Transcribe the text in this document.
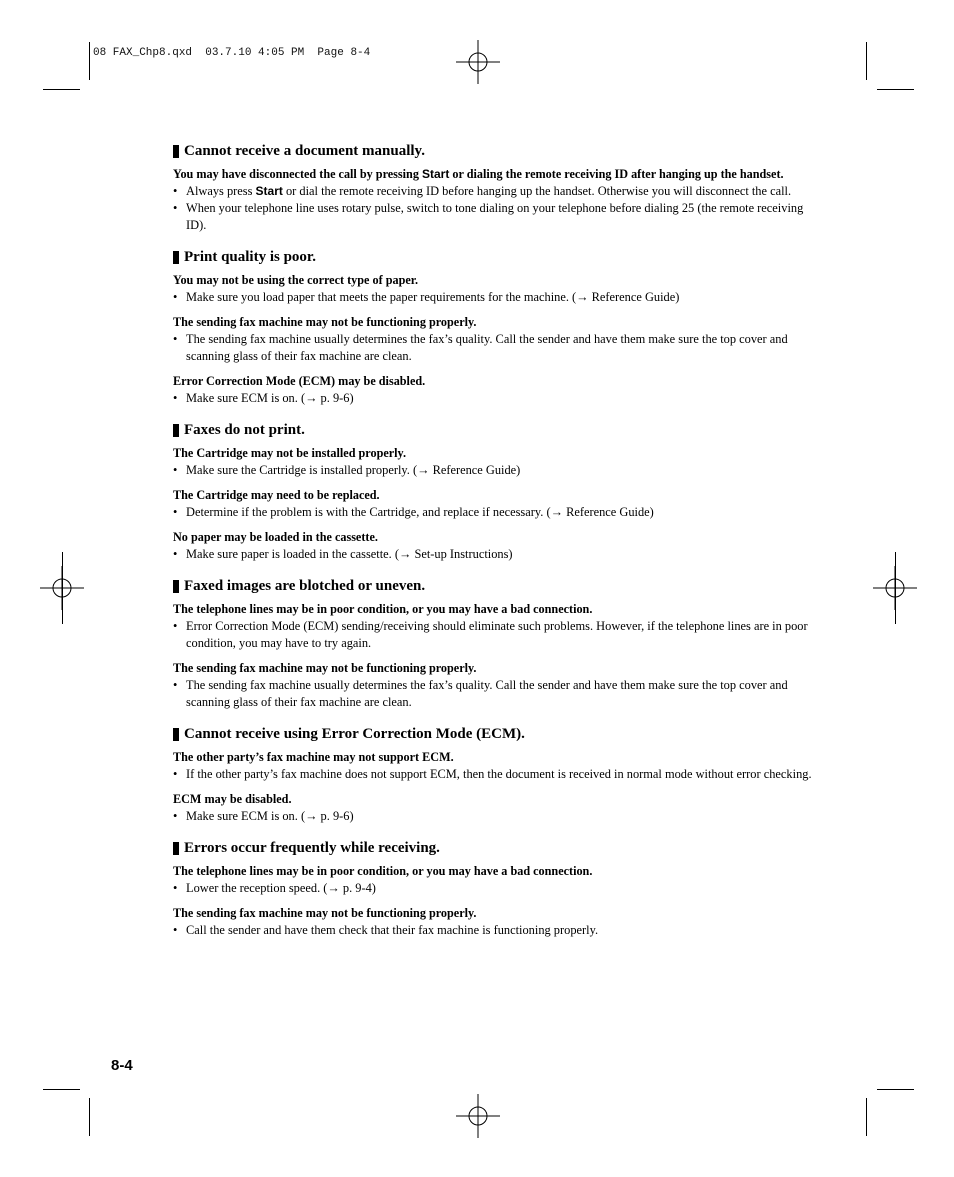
08 FAX_Chp8.qxd  03.7.10 4:05 PM  Page 8-4
Cannot receive a document manually.

You may have disconnected the call by pressing Start or dialing the remote receiving ID after hanging up the handset.

• Always press Start or dial the remote receiving ID before hanging up the handset. Otherwise you will disconnect the call.
• When your telephone line uses rotary pulse, switch to tone dialing on your telephone before dialing 25 (the remote receiving ID).
Print quality is poor.

You may not be using the correct type of paper.

• Make sure you load paper that meets the paper requirements for the machine. (→ Reference Guide)

The sending fax machine may not be functioning properly.

• The sending fax machine usually determines the fax’s quality. Call the sender and have them make sure the top cover and scanning glass of their fax machine are clean.

Error Correction Mode (ECM) may be disabled.

• Make sure ECM is on. (→ p. 9-6)
Faxes do not print.

The Cartridge may not be installed properly.

• Make sure the Cartridge is installed properly. (→ Reference Guide)

The Cartridge may need to be replaced.

• Determine if the problem is with the Cartridge, and replace if necessary. (→ Reference Guide)

No paper may be loaded in the cassette.

• Make sure paper is loaded in the cassette. (→ Set-up Instructions)
Faxed images are blotched or uneven.

The telephone lines may be in poor condition, or you may have a bad connection.

• Error Correction Mode (ECM) sending/receiving should eliminate such problems. However, if the telephone lines are in poor condition, you may have to try again.

The sending fax machine may not be functioning properly.

• The sending fax machine usually determines the fax’s quality. Call the sender and have them make sure the top cover and scanning glass of their fax machine are clean.
Cannot receive using Error Correction Mode (ECM).

The other party’s fax machine may not support ECM.

• If the other party’s fax machine does not support ECM, then the document is received in normal mode without error checking.

ECM may be disabled.

• Make sure ECM is on. (→ p. 9-6)
Errors occur frequently while receiving.

The telephone lines may be in poor condition, or you may have a bad connection.

• Lower the reception speed. (→ p. 9-4)

The sending fax machine may not be functioning properly.

• Call the sender and have them check that their fax machine is functioning properly.
8-4
